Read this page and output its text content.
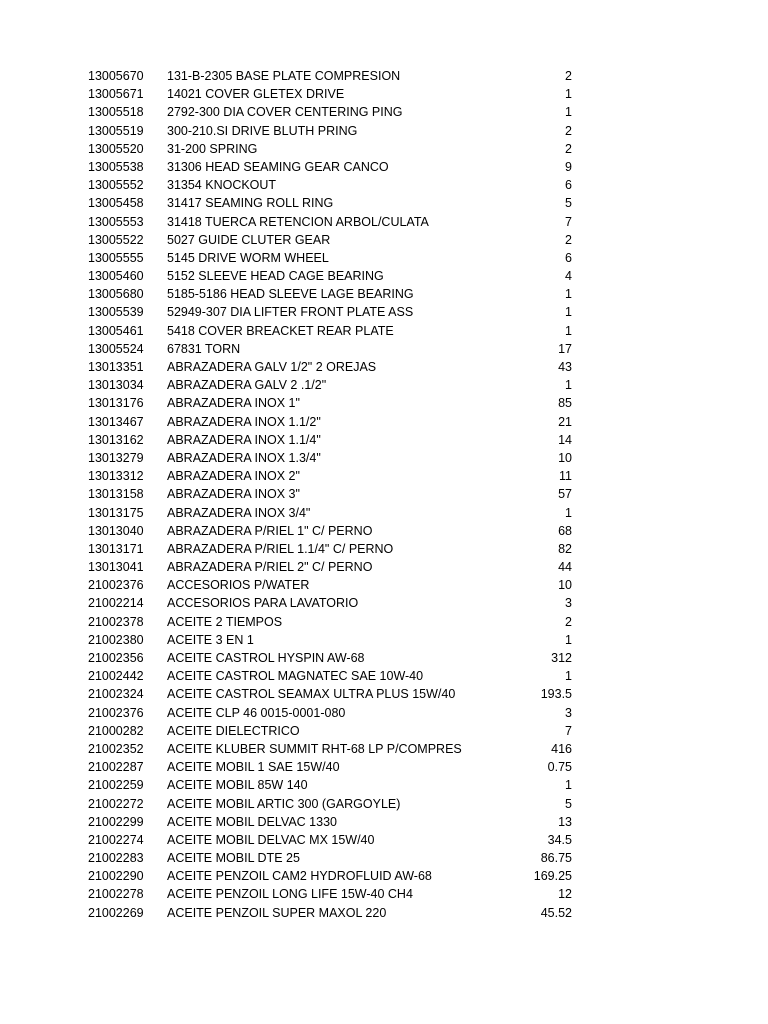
13005670 131-B-2305 BASE PLATE COMPRESION	2
13005671 14021 COVER GLETEX DRIVE	1
13005518 2792-300 DIA COVER CENTERING PING	1
13005519 300-210.SI DRIVE BLUTH PRING	2
13005520 31-200 SPRING	2
13005538 31306 HEAD SEAMING GEAR CANCO	9
13005552 31354 KNOCKOUT	6
13005458 31417 SEAMING ROLL RING	5
13005553 31418 TUERCA RETENCION ARBOL/CULATA	7
13005522 5027 GUIDE CLUTER GEAR	2
13005555 5145 DRIVE WORM WHEEL	6
13005460 5152 SLEEVE HEAD CAGE BEARING	4
13005680 5185-5186 HEAD SLEEVE LAGE BEARING	1
13005539 52949-307 DIA LIFTER FRONT PLATE ASS	1
13005461 5418 COVER BREACKET REAR PLATE	1
13005524 67831 TORN	17
13013351 ABRAZADERA GALV 1/2" 2 OREJAS	43
13013034 ABRAZADERA GALV 2 .1/2"	1
13013176 ABRAZADERA INOX 1"	85
13013467 ABRAZADERA INOX 1.1/2"	21
13013162 ABRAZADERA INOX 1.1/4"	14
13013279 ABRAZADERA INOX 1.3/4"	10
13013312 ABRAZADERA INOX 2"	11
13013158 ABRAZADERA INOX 3"	57
13013175 ABRAZADERA INOX 3/4"	1
13013040 ABRAZADERA P/RIEL 1" C/ PERNO	68
13013171 ABRAZADERA P/RIEL 1.1/4" C/ PERNO	82
13013041 ABRAZADERA P/RIEL 2" C/ PERNO	44
21002376 ACCESORIOS P/WATER	10
21002214 ACCESORIOS PARA LAVATORIO	3
21002378 ACEITE 2 TIEMPOS	2
21002380 ACEITE 3 EN 1	1
21002356 ACEITE CASTROL HYSPIN AW-68	312
21002442 ACEITE CASTROL MAGNATEC SAE 10W-40	1
21002324 ACEITE CASTROL SEAMAX ULTRA PLUS 15W/40	193.5
21002376 ACEITE CLP 46 0015-0001-080	3
21000282 ACEITE DIELECTRICO	7
21002352 ACEITE KLUBER SUMMIT RHT-68 LP P/COMPRES	416
21002287 ACEITE MOBIL 1 SAE 15W/40	0.75
21002259 ACEITE MOBIL 85W 140	1
21002272 ACEITE MOBIL ARTIC 300 (GARGOYLE)	5
21002299 ACEITE MOBIL DELVAC 1330	13
21002274 ACEITE MOBIL DELVAC MX 15W/40	34.5
21002283 ACEITE MOBIL DTE 25	86.75
21002290 ACEITE PENZOIL CAM2 HYDROFLUID AW-68	169.25
21002278 ACEITE PENZOIL LONG LIFE 15W-40 CH4	12
21002269 ACEITE PENZOIL SUPER MAXOL 220	45.52
